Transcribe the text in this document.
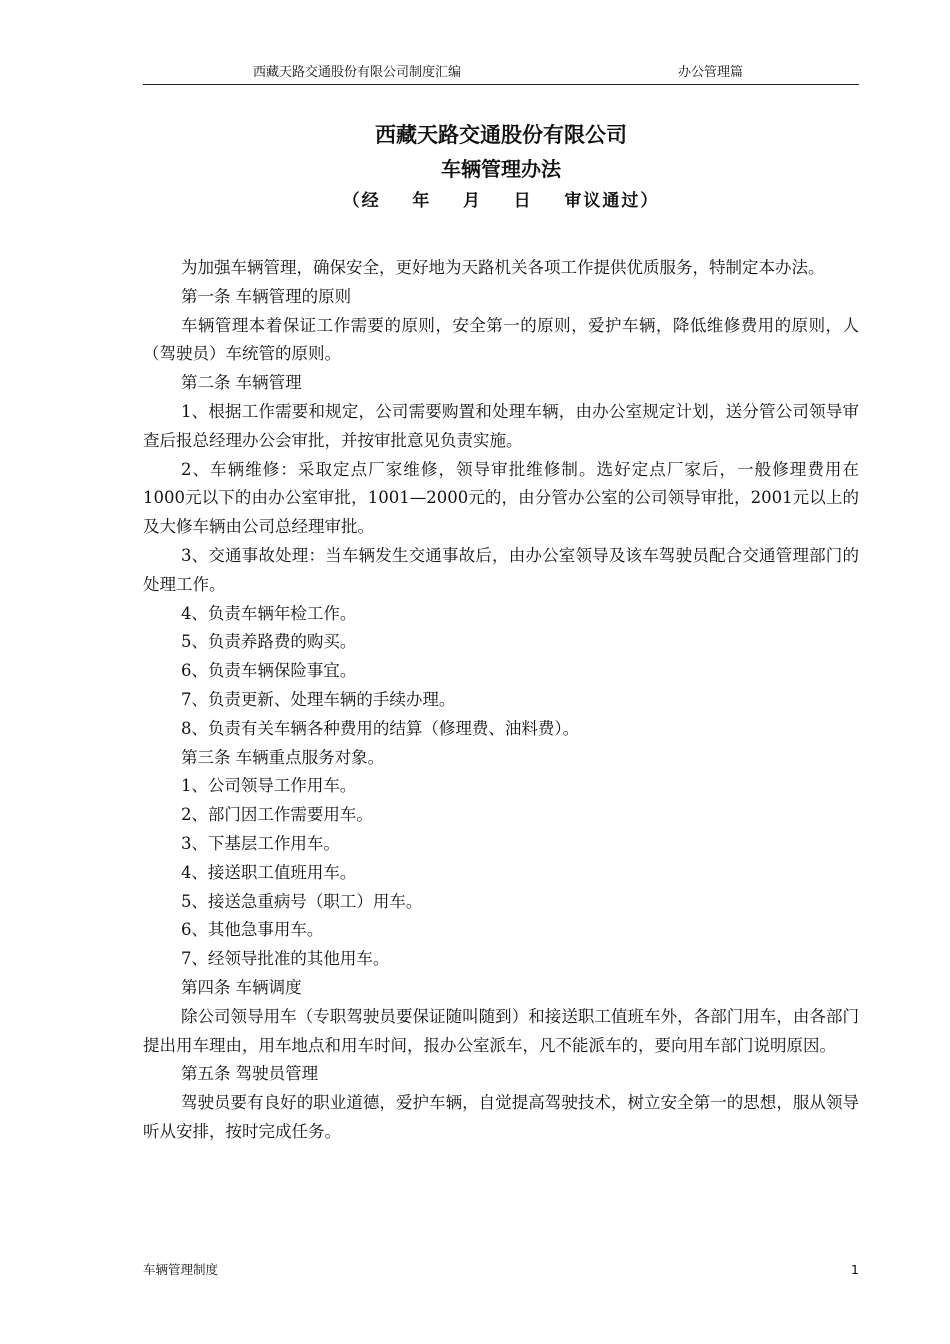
西藏天路交通股份有限公司制度汇编	办公管理篇
西藏天路交通股份有限公司
车辆管理办法
（经    年    月    日    审议通过）

为加强车辆管理，确保安全，更好地为天路机关各项工作提供优质服务，特制定本办法。

第一条 车辆管理的原则

车辆管理本着保证工作需要的原则，安全第一的原则，爱护车辆，降低维修费用的原则，人（驾驶员）车统管的原则。

第二条 车辆管理

1、根据工作需要和规定，公司需要购置和处理车辆，由办公室规定计划，送分管公司领导审查后报总经理办公会审批，并按审批意见负责实施。

2、车辆维修：采取定点厂家维修，领导审批维修制。选好定点厂家后，一般修理费用在1000元以下的由办公室审批，1001—2000元的，由分管办公室的公司领导审批，2001元以上的及大修车辆由公司总经理审批。

3、交通事故处理：当车辆发生交通事故后，由办公室领导及该车驾驶员配合交通管理部门的处理工作。

4、负责车辆年检工作。

5、负责养路费的购买。

6、负责车辆保险事宜。

7、负责更新、处理车辆的手续办理。

8、负责有关车辆各种费用的结算（修理费、油料费）。

第三条 车辆重点服务对象。

1、公司领导工作用车。

2、部门因工作需要用车。

3、下基层工作用车。

4、接送职工值班用车。

5、接送急重病号（职工）用车。

6、其他急事用车。

7、经领导批准的其他用车。

第四条 车辆调度

除公司领导用车（专职驾驶员要保证随叫随到）和接送职工值班车外，各部门用车，由各部门提出用车理由，用车地点和用车时间，报办公室派车，凡不能派车的，要向用车部门说明原因。

第五条 驾驶员管理

驾驶员要有良好的职业道德，爱护车辆，自觉提高驾驶技术，树立安全第一的思想，服从领导听从安排，按时完成任务。

车辆管理制度	1
